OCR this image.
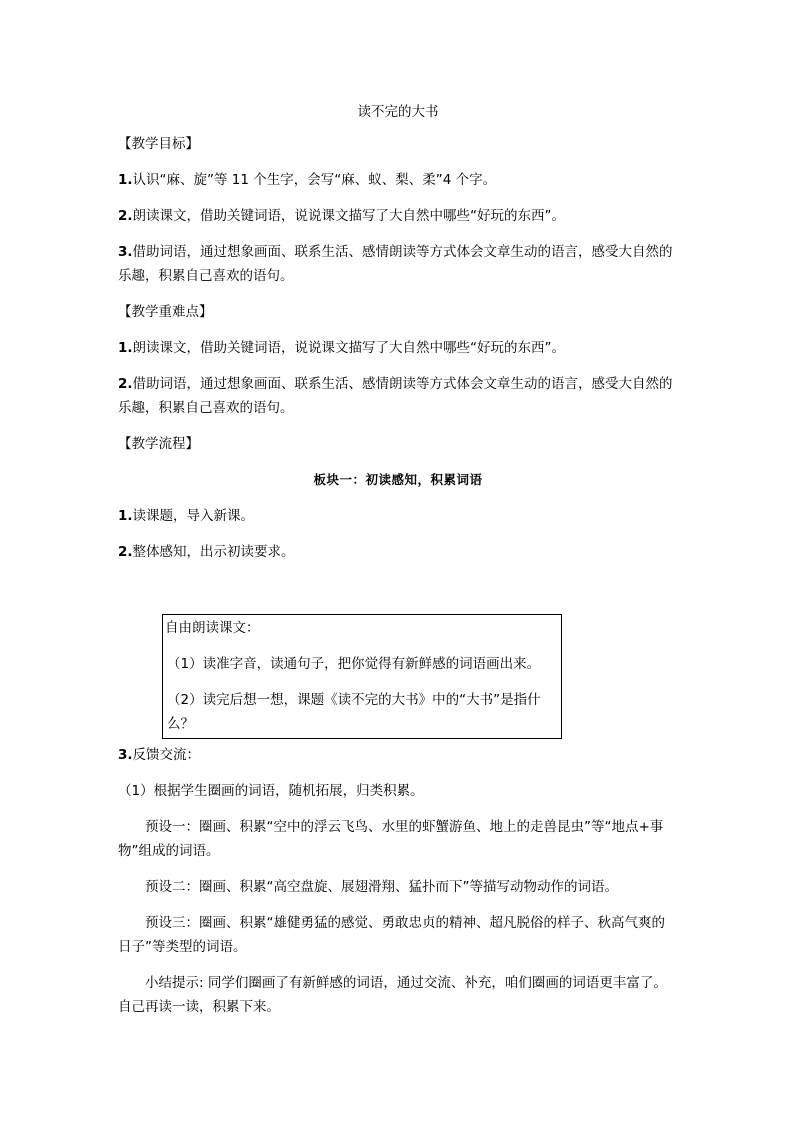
读不完的大书
【教学目标】
1.认识“麻、旋”等 11 个生字，会写“麻、蚁、梨、柔”4 个字。
2.朗读课文，借助关键词语，说说课文描写了大自然中哪些“好玩的东西”。
3.借助词语，通过想象画面、联系生活、感情朗读等方式体会文章生动的语言，感受大自然的乐趣，积累自己喜欢的语句。
【教学重难点】
1.朗读课文，借助关键词语，说说课文描写了大自然中哪些“好玩的东西”。
2.借助词语，通过想象画面、联系生活、感情朗读等方式体会文章生动的语言，感受大自然的乐趣，积累自己喜欢的语句。
【教学流程】
板块一：初读感知，积累词语
1.读课题，导入新课。
2.整体感知，出示初读要求。
自由朗读课文：
（1）读准字音，读通句子，把你觉得有新鲜感的词语画出来。
（2）读完后想一想，课题《读不完的大书》中的“大书”是指什么？
3.反馈交流：
（1）根据学生圈画的词语，随机拓展，归类积累。
预设一：圈画、积累“空中的浮云飞鸟、水里的虾蟹游鱼、地上的走兽昆虫”等“地点+事物”组成的词语。
预设二：圈画、积累“高空盘旋、展翅滑翔、猛扑而下”等描写动物动作的词语。
预设三：圈画、积累“雄健勇猛的感觉、勇敢忠贞的精神、超凡脱俗的样子、秋高气爽的日子”等类型的词语。
小结提示: 同学们圈画了有新鲜感的词语，通过交流、补充，咱们圈画的词语更丰富了。自己再读一读，积累下来。
